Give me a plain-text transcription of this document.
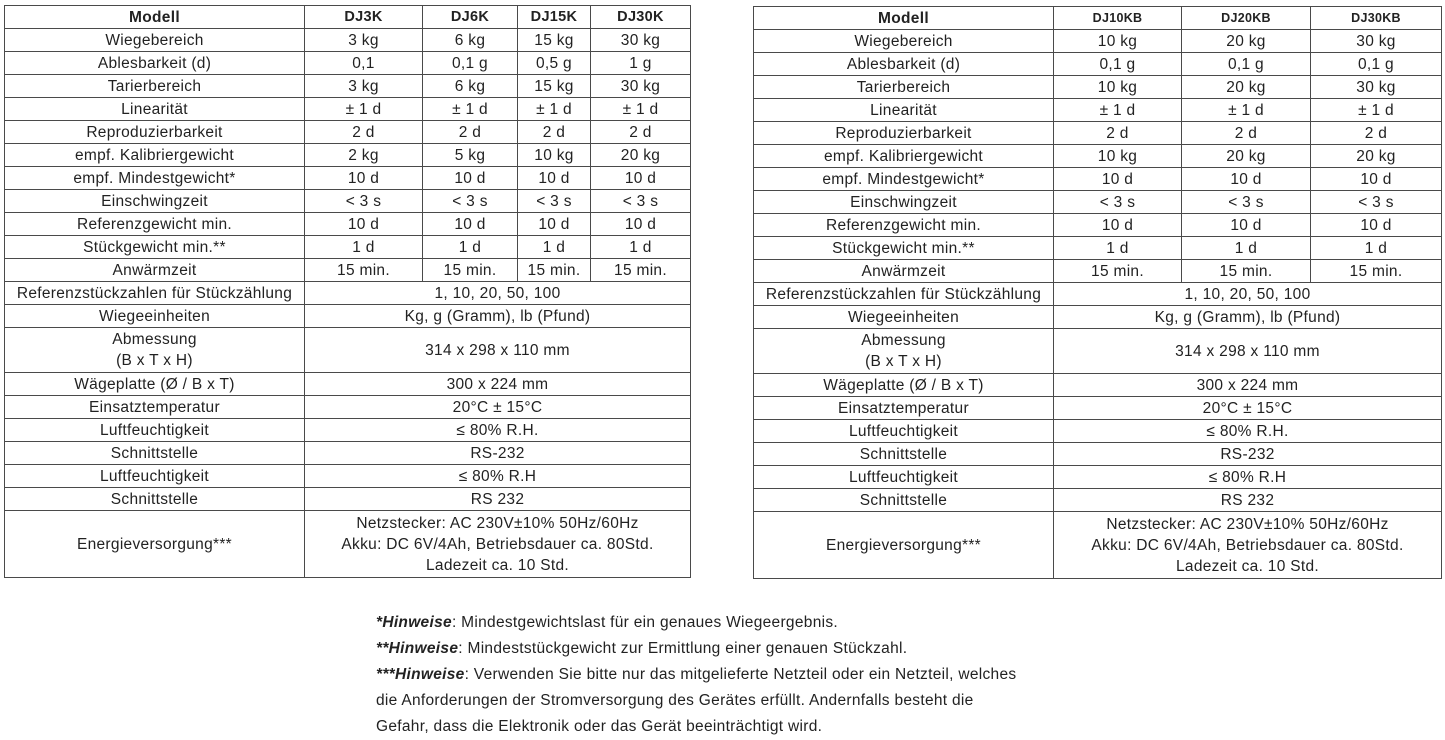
Modell	DJ3K	DJ6K	DJ15K	DJ30K
Wiegebereich	3 kg	6 kg	15 kg	30 kg
Ablesbarkeit (d)	0,1	0,1 g	0,5 g	1 g
Tarierbereich	3 kg	6 kg	15 kg	30 kg
Linearität	± 1 d	± 1 d	± 1 d	± 1 d
Reproduzierbarkeit	2 d	2 d	2 d	2 d
empf. Kalibriergewicht	2 kg	5 kg	10 kg	20 kg
empf. Mindestgewicht*	10 d	10 d	10 d	10 d
Einschwingzeit	< 3 s	< 3 s	< 3 s	< 3 s
Referenzgewicht min.	10 d	10 d	10 d	10 d
Stückgewicht min.**	1 d	1 d	1 d	1 d
Anwärmzeit	15 min.	15 min.	15 min.	15 min.
Referenzstückzahlen für Stückzählung	1, 10, 20, 50, 100			
Wiegeeinheiten	Kg, g (Gramm), lb (Pfund)			

Abmessung
(B x T x H)	314 x 298 x 110 mm			
Wägeplatte (Ø / B x T)	300 x 224 mm			
Einsatztemperatur	20°C ± 15°C			
Luftfeuchtigkeit	≤ 80% R.H.			
Schnittstelle	RS-232			
Luftfeuchtigkeit	≤ 80% R.H			
Schnittstelle	RS 232			
Energieversorgung***	Netzstecker: AC 230V±10% 50Hz/60Hz
Akku: DC 6V/4Ah, Betriebsdauer ca. 80Std.
Ladezeit ca. 10 Std.			
Modell	DJ10KB	DJ20KB	DJ30KB
Wiegebereich	10 kg	20 kg	30 kg
Ablesbarkeit (d)	0,1 g	0,1 g	0,1 g
Tarierbereich	10 kg	20 kg	30 kg
Linearität	± 1 d	± 1 d	± 1 d
Reproduzierbarkeit	2 d	2 d	2 d
empf. Kalibriergewicht	10 kg	20 kg	20 kg
empf. Mindestgewicht*	10 d	10 d	10 d
Einschwingzeit	< 3 s	< 3 s	< 3 s
Referenzgewicht min.	10 d	10 d	10 d
Stückgewicht min.**	1 d	1 d	1 d
Anwärmzeit	15 min.	15 min.	15 min.
Referenzstückzahlen für Stückzählung	1, 10, 20, 50, 100		
Wiegeeinheiten	Kg, g (Gramm), lb (Pfund)		

Abmessung
(B x T x H)	314 x 298 x 110 mm		
Wägeplatte (Ø / B x T)	300 x 224 mm		
Einsatztemperatur	20°C ± 15°C		
Luftfeuchtigkeit	≤ 80% R.H.		
Schnittstelle	RS-232		
Luftfeuchtigkeit	≤ 80% R.H		
Schnittstelle	RS 232		
Energieversorgung***	Netzstecker: AC 230V±10% 50Hz/60Hz
Akku: DC 6V/4Ah, Betriebsdauer ca. 80Std.
Ladezeit ca. 10 Std.		

*Hinweise: Mindestgewichtslast für ein genaues Wiegeergebnis.

**Hinweise: Mindeststückgewicht zur Ermittlung einer genauen Stückzahl.

***Hinweise: Verwenden Sie bitte nur das mitgelieferte Netzteil oder ein Netzteil, welches

die Anforderungen der Stromversorgung des Gerätes erfüllt. Andernfalls besteht die

Gefahr, dass die Elektronik oder das Gerät beeinträchtigt wird.
